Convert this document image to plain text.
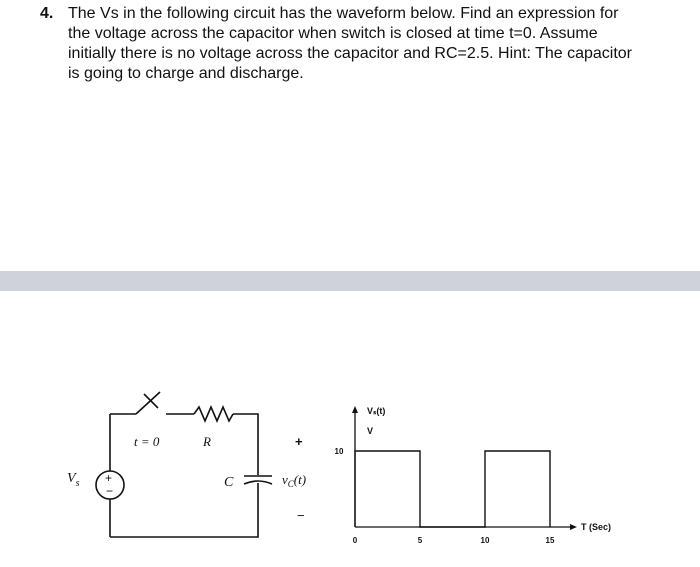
4. The Vs in the following circuit has the waveform below. Find an expression for
the voltage across the capacitor when switch is closed at time t=0. Assume
initially there is no voltage across the capacitor and RC=2.5. Hint: The capacitor
is going to charge and discharge.
t = 0	R
C
+
−
$V_s$
+
$v_C(t)$
−
Vₛ(t)
V
T (Sec)
0	5	10	15
10
